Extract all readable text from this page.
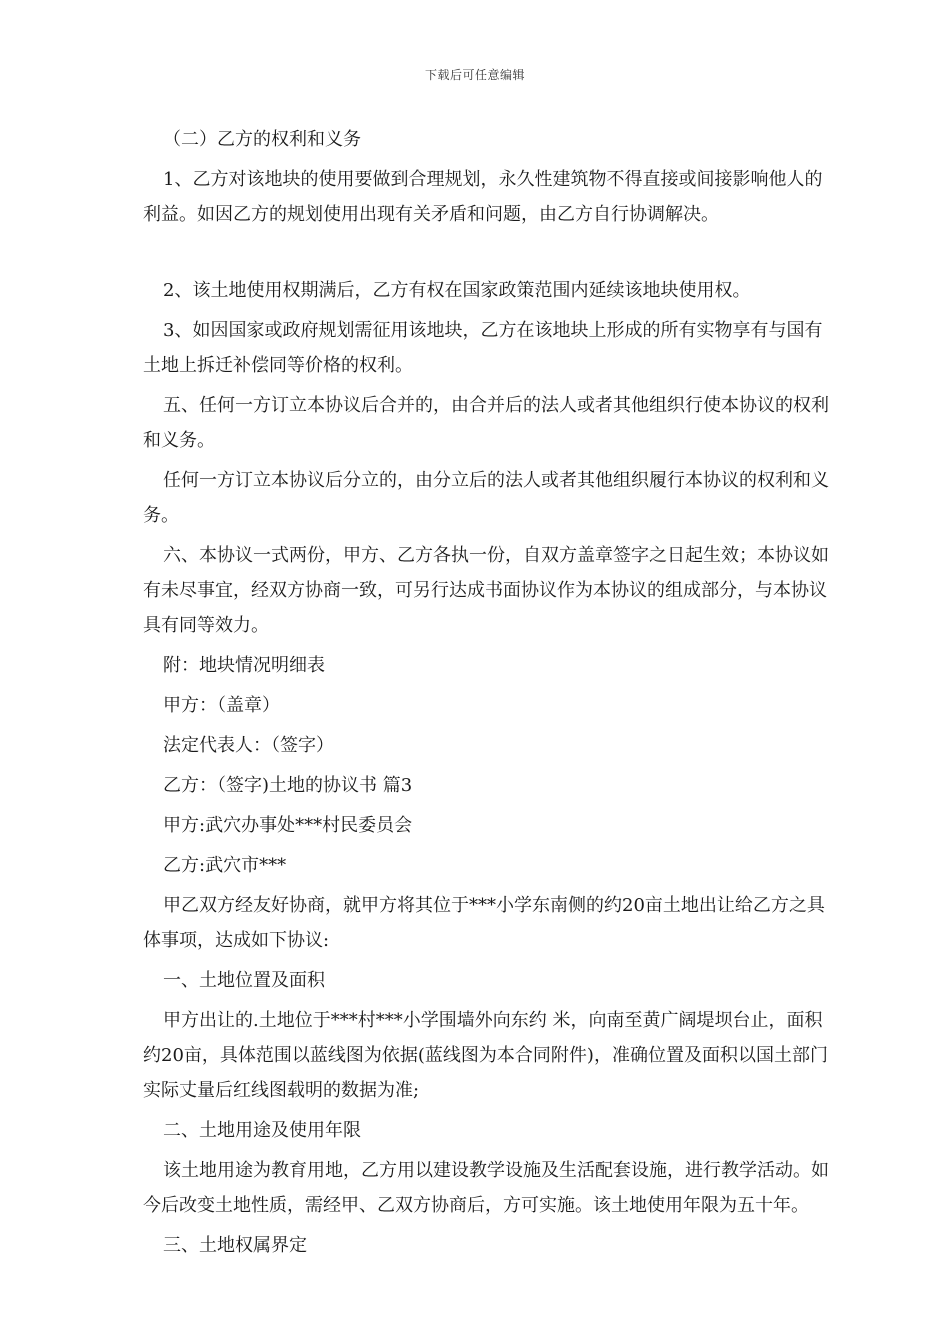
下载后可任意编辑

（二）乙方的权利和义务

1、乙方对该地块的使用要做到合理规划，永久性建筑物不得直接或间接影响他人的利益。如因乙方的规划使用出现有关矛盾和问题，由乙方自行协调解决。

2、该土地使用权期满后，乙方有权在国家政策范围内延续该地块使用权。

3、如因国家或政府规划需征用该地块，乙方在该地块上形成的所有实物享有与国有土地上拆迁补偿同等价格的权利。

五、任何一方订立本协议后合并的，由合并后的法人或者其他组织行使本协议的权利和义务。

任何一方订立本协议后分立的，由分立后的法人或者其他组织履行本协议的权利和义务。

六、本协议一式两份，甲方、乙方各执一份，自双方盖章签字之日起生效；本协议如有未尽事宜，经双方协商一致，可另行达成书面协议作为本协议的组成部分，与本协议具有同等效力。

附：地块情况明细表

甲方：（盖章）

法定代表人：（签字）

乙方：（签字)土地的协议书 篇3

甲方:武穴办事处***村民委员会

乙方:武穴市***

甲乙双方经友好协商，就甲方将其位于***小学东南侧的约20亩土地出让给乙方之具体事项，达成如下协议:

一、土地位置及面积

甲方出让的.土地位于***村***小学围墙外向东约 米，向南至黄广阔堤坝台止，面积约20亩，具体范围以蓝线图为依据(蓝线图为本合同附件)，准确位置及面积以国土部门实际丈量后红线图载明的数据为准;

二、土地用途及使用年限

该土地用途为教育用地，乙方用以建设教学设施及生活配套设施，进行教学活动。如今后改变土地性质，需经甲、乙双方协商后，方可实施。该土地使用年限为五十年。

三、土地权属界定
